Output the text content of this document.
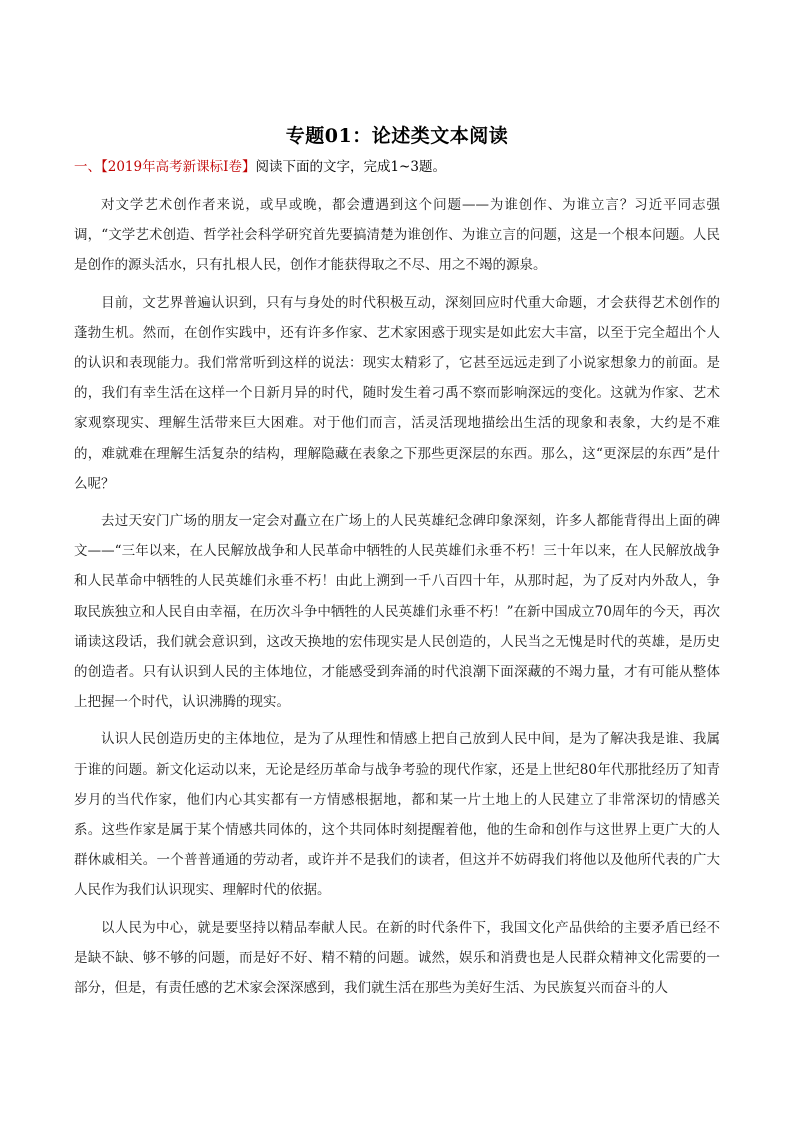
专题01：论述类文本阅读
一、【2019年高考新课标Ⅰ卷】阅读下面的文字，完成1~3题。

对文学艺术创作者来说，或早或晚，都会遭遇到这个问题——为谁创作、为谁立言？习近平同志强调，“文学艺术创造、哲学社会科学研究首先要搞清楚为谁创作、为谁立言的问题，这是一个根本问题。人民是创作的源头活水，只有扎根人民，创作才能获得取之不尽、用之不竭的源泉。

目前，文艺界普遍认识到，只有与身处的时代积极互动，深刻回应时代重大命题，才会获得艺术创作的蓬勃生机。然而，在创作实践中，还有许多作家、艺术家困惑于现实是如此宏大丰富，以至于完全超出个人的认识和表现能力。我们常常听到这样的说法：现实太精彩了，它甚至远远走到了小说家想象力的前面。是的，我们有幸生活在这样一个日新月异的时代，随时发生着刁禹不察而影响深远的变化。这就为作家、艺术家观察现实、理解生活带来巨大困难。对于他们而言，活灵活现地描绘出生活的现象和表象，大约是不难的，难就难在理解生活复杂的结构，理解隐藏在表象之下那些更深层的东西。那么，这“更深层的东西”是什么呢？

去过天安门广场的朋友一定会对矗立在广场上的人民英雄纪念碑印象深刻，许多人都能背得出上面的碑文——“三年以来，在人民解放战争和人民革命中牺牲的人民英雄们永垂不朽！三十年以来，在人民解放战争和人民革命中牺牲的人民英雄们永垂不朽！由此上溯到一千八百四十年，从那时起，为了反对内外敌人，争取民族独立和人民自由幸福，在历次斗争中牺牲的人民英雄们永垂不朽！”在新中国成立70周年的今天，再次诵读这段话，我们就会意识到，这改天换地的宏伟现实是人民创造的，人民当之无愧是时代的英雄，是历史的创造者。只有认识到人民的主体地位，才能感受到奔涌的时代浪潮下面深藏的不竭力量，才有可能从整体上把握一个时代，认识沸腾的现实。

认识人民创造历史的主体地位，是为了从理性和情感上把自己放到人民中间，是为了解决我是谁、我属于谁的问题。新文化运动以来，无论是经历革命与战争考验的现代作家，还是上世纪80年代那批经历了知青岁月的当代作家，他们内心其实都有一方情感根据地，都和某一片土地上的人民建立了非常深切的情感关系。这些作家是属于某个情感共同体的，这个共同体时刻提醒着他，他的生命和创作与这世界上更广大的人群休戚相关。一个普普通通的劳动者，或许并不是我们的读者，但这并不妨碍我们将他以及他所代表的广大人民作为我们认识现实、理解时代的依据。

以人民为中心，就是要坚持以精品奉献人民。在新的时代条件下，我国文化产品供给的主要矛盾已经不是缺不缺、够不够的问题，而是好不好、精不精的问题。诚然，娱乐和消费也是人民群众精神文化需要的一部分，但是，有责任感的艺术家会深深感到，我们就生活在那些为美好生活、为民族复兴而奋斗的人
